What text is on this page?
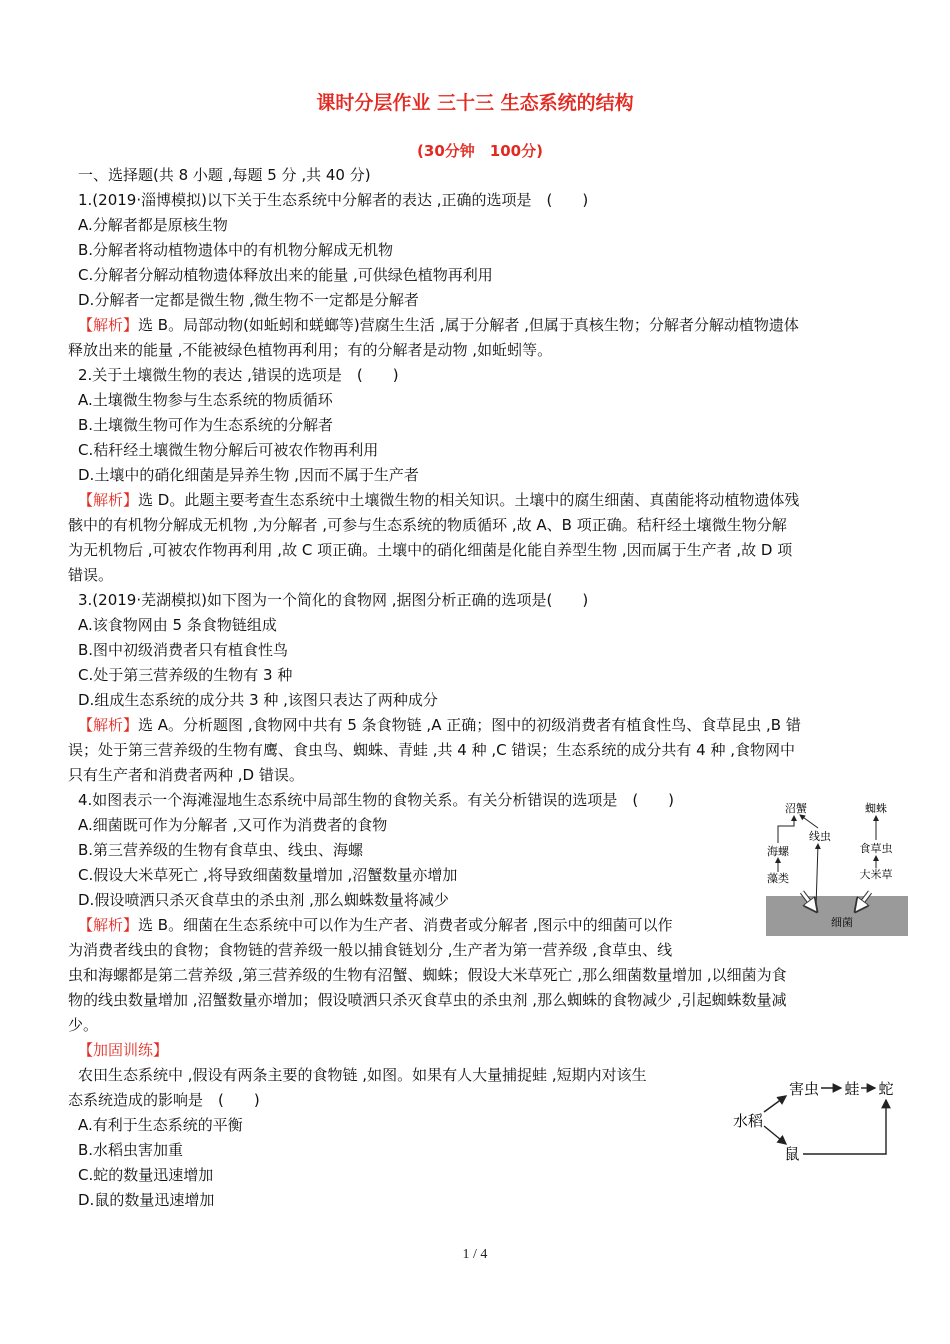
课时分层作业 三十三 生态系统的结构
(30分钟　100分)
一、选择题(共 8 小题 ,每题 5 分 ,共 40 分)
1.(2019·淄博模拟)以下关于生态系统中分解者的表达 ,正确的选项是　(　　)
A.分解者都是原核生物
B.分解者将动植物遗体中的有机物分解成无机物
C.分解者分解动植物遗体释放出来的能量 ,可供绿色植物再利用
D.分解者一定都是微生物 ,微生物不一定都是分解者
【解析】选 B。局部动物(如蚯蚓和蜣螂等)营腐生生活 ,属于分解者 ,但属于真核生物；分解者分解动植物遗体
释放出来的能量 ,不能被绿色植物再利用；有的分解者是动物 ,如蚯蚓等。
2.关于土壤微生物的表达 ,错误的选项是　(　　)
A.土壤微生物参与生态系统的物质循环
B.土壤微生物可作为生态系统的分解者
C.秸秆经土壤微生物分解后可被农作物再利用
D.土壤中的硝化细菌是异养生物 ,因而不属于生产者
【解析】选 D。此题主要考查生态系统中土壤微生物的相关知识。土壤中的腐生细菌、真菌能将动植物遗体残
骸中的有机物分解成无机物 ,为分解者 ,可参与生态系统的物质循环 ,故 A、B 项正确。秸秆经土壤微生物分解
为无机物后 ,可被农作物再利用 ,故 C 项正确。土壤中的硝化细菌是化能自养型生物 ,因而属于生产者 ,故 D 项
错误。
3.(2019·芜湖模拟)如下图为一个简化的食物网 ,据图分析正确的选项是(　　)
A.该食物网由 5 条食物链组成
B.图中初级消费者只有植食性鸟
C.处于第三营养级的生物有 3 种
D.组成生态系统的成分共 3 种 ,该图只表达了两种成分
【解析】选 A。分析题图 ,食物网中共有 5 条食物链 ,A 正确；图中的初级消费者有植食性鸟、食草昆虫 ,B 错
误；处于第三营养级的生物有鹰、食虫鸟、蜘蛛、青蛙 ,共 4 种 ,C 错误；生态系统的成分共有 4 种 ,食物网中
只有生产者和消费者两种 ,D 错误。
4.如图表示一个海滩湿地生态系统中局部生物的食物关系。有关分析错误的选项是　(　　)
A.细菌既可作为分解者 ,又可作为消费者的食物
B.第三营养级的生物有食草虫、线虫、海螺
C.假设大米草死亡 ,将导致细菌数量增加 ,沼蟹数量亦增加
D.假设喷洒只杀灭食草虫的杀虫剂 ,那么蜘蛛数量将减少
【解析】选 B。细菌在生态系统中可以作为生产者、消费者或分解者 ,图示中的细菌可以作
为消费者线虫的食物；食物链的营养级一般以捕食链划分 ,生产者为第一营养级 ,食草虫、线
虫和海螺都是第二营养级 ,第三营养级的生物有沼蟹、蜘蛛；假设大米草死亡 ,那么细菌数量增加 ,以细菌为食
物的线虫数量增加 ,沼蟹数量亦增加；假设喷洒只杀灭食草虫的杀虫剂 ,那么蜘蛛的食物减少 ,引起蜘蛛数量减
少。
沼蟹	蜘蛛
线虫
海螺	食草虫
藻类	大米草
细菌
【加固训练】
农田生态系统中 ,假设有两条主要的食物链 ,如图。如果有人大量捕捉蛙 ,短期内对该生
态系统造成的影响是　(　　)
A.有利于生态系统的平衡
B.水稻虫害加重
C.蛇的数量迅速增加
D.鼠的数量迅速增加
害虫 蛙 蛇
水稻
鼠
1 / 4
